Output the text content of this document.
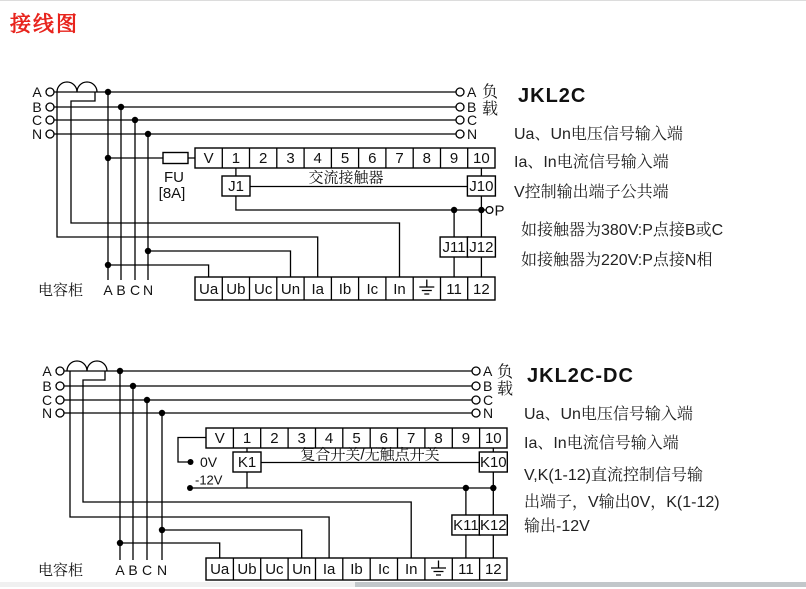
接线图
FU
[8A]
A
B
C
N
A
B
C
N
V 1 2 3 4 5 6 7 8 9 10
J1	J10
J11 J12
交流接触器
P
Ua Ub Uc Un Ia Ib Ic In	11 12
电容柜 A B C N
A
B
C
N
A
B
C
N
V 1 2 3 4 5 6 7 8 9 10
0V
-12V
K1	K10
K11 K12
复合开关/无触点开关
Ua Ub Uc Un Ia Ib Ic In	11 12
电容柜 A B C N
负载
负载
JKL2C
Ua、Un电压信号输入端
Ia、In电流信号输入端
V控制输出端子公共端
如接触器为380V:P点接B或C
如接触器为220V:P点接N相
JKL2C-DC
Ua、Un电压信号输入端
Ia、In电流信号输入端
V,K(1-12)直流控制信号输
出端子，V输出0V，K(1-12)
输出-12V
